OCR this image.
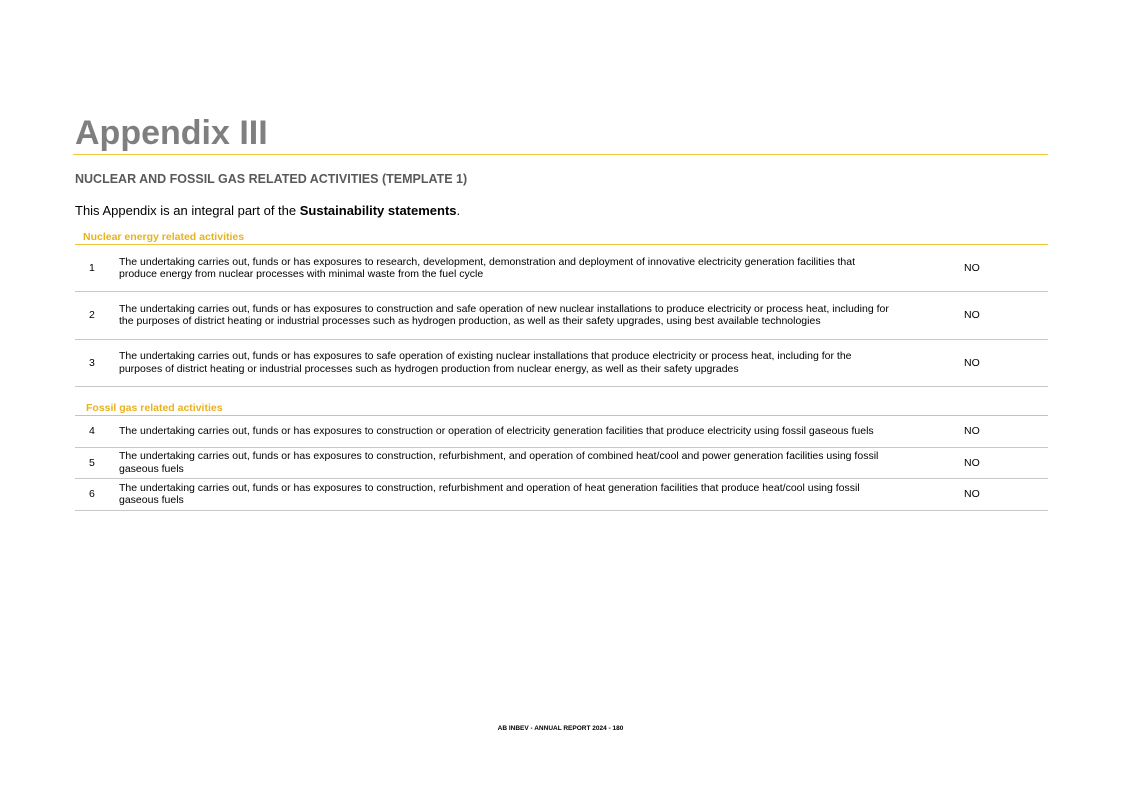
Appendix III
NUCLEAR AND FOSSIL GAS RELATED ACTIVITIES (TEMPLATE 1)

This Appendix is an integral part of the Sustainability statements.

Nuclear energy related activities
1
The undertaking carries out, funds or has exposures to research, development, demonstration and deployment of innovative electricity generation facilities that produce energy from nuclear processes with minimal waste from the fuel cycle
NO
2
The undertaking carries out, funds or has exposures to construction and safe operation of new nuclear installations to produce electricity or process heat, including for the purposes of district heating or industrial processes such as hydrogen production, as well as their safety upgrades, using best available technologies
NO
3
The undertaking carries out, funds or has exposures to safe operation of existing nuclear installations that produce electricity or process heat, including for the purposes of district heating or industrial processes such as hydrogen production from nuclear energy, as well as their safety upgrades
NO
Fossil gas related activities
4	The undertaking carries out, funds or has exposures to construction or operation of electricity generation facilities that produce electricity using fossil gaseous fuels	NO
5
The undertaking carries out, funds or has exposures to construction, refurbishment, and operation of combined heat/cool and power generation facilities using fossil gaseous fuels
NO
6
The undertaking carries out, funds or has exposures to construction, refurbishment and operation of heat generation facilities that produce heat/cool using fossil gaseous fuels
NO

AB INBEV - ANNUAL REPORT 2024 - 180
